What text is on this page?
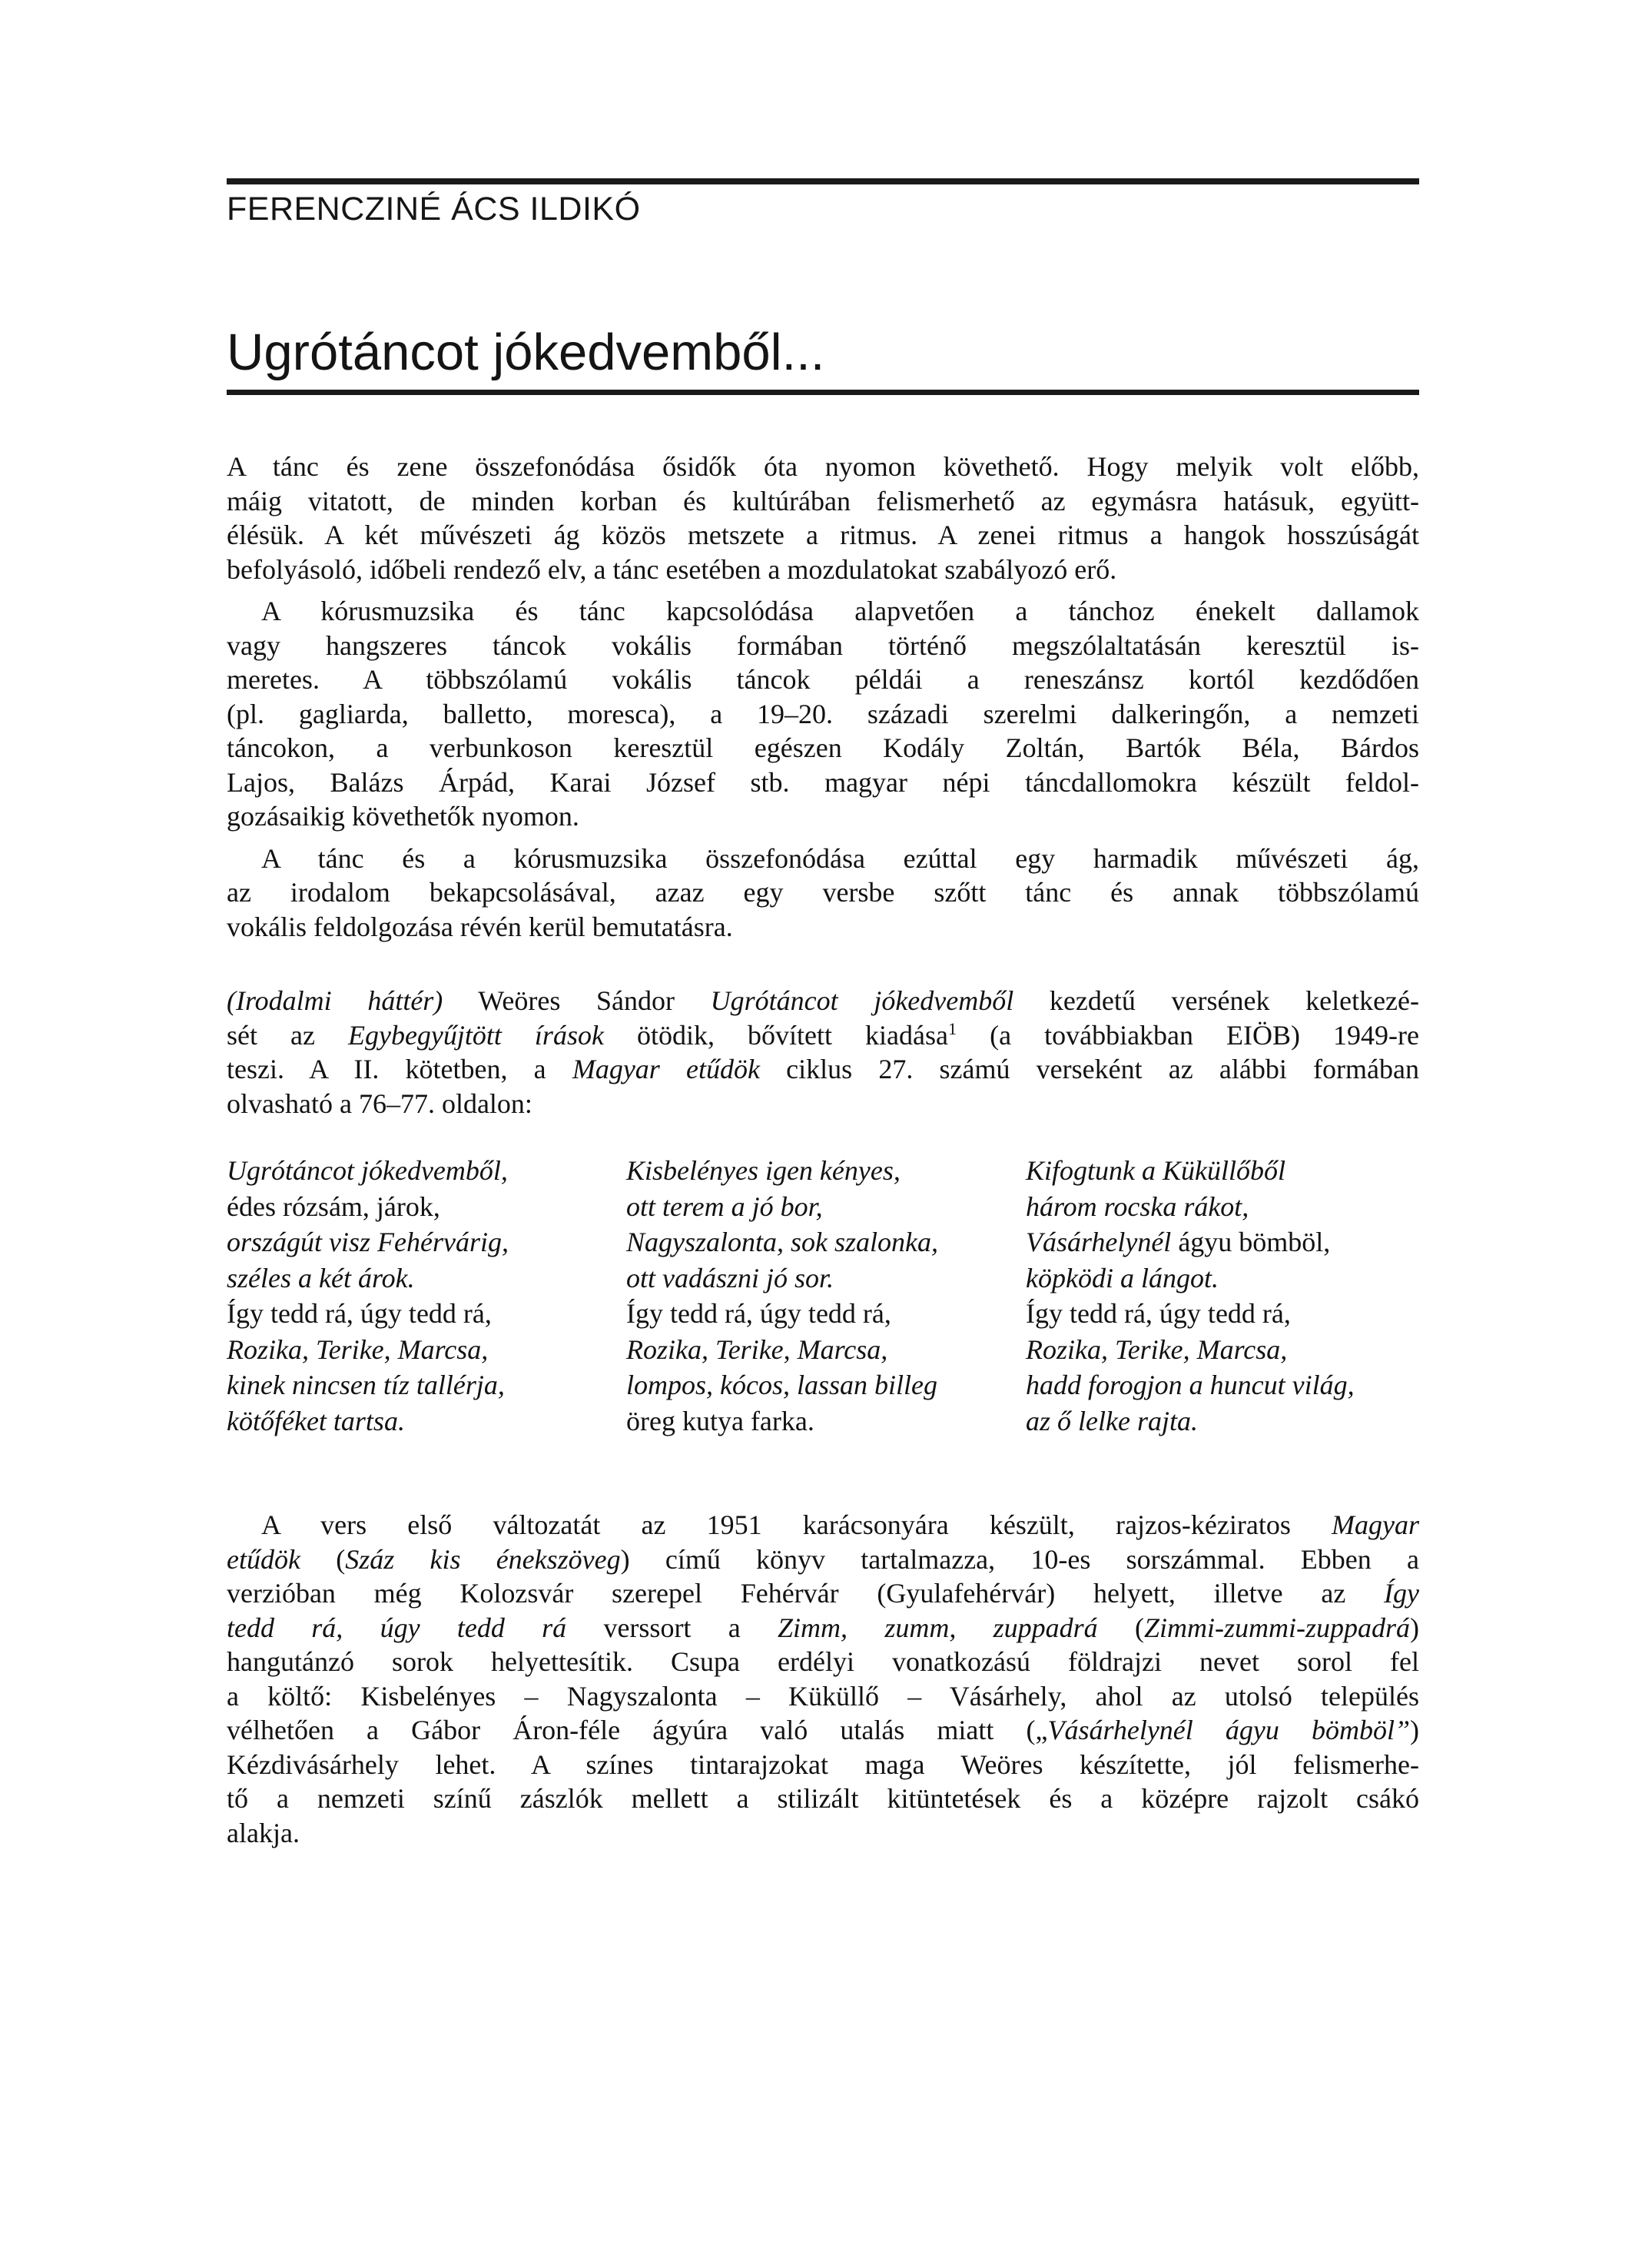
FERENCZINÉ ÁCS ILDIKÓ
Ugrótáncot jókedvemből...
A tánc és zene összefonódása ősidők óta nyomon követhető. Hogy melyik volt előbb,
máig vitatott, de minden korban és kultúrában felismerhető az egymásra hatásuk, együtt-
élésük. A két művészeti ág közös metszete a ritmus. A zenei ritmus a hangok hosszúságát
befolyásoló, időbeli rendező elv, a tánc esetében a mozdulatokat szabályozó erő.
A kórusmuzsika és tánc kapcsolódása alapvetően a tánchoz énekelt dallamok
vagy hangszeres táncok vokális formában történő megszólaltatásán keresztül is-
meretes. A többszólamú vokális táncok példái a reneszánsz kortól kezdődően
(pl. gagliarda, balletto, moresca), a 19–20. századi szerelmi dalkeringőn, a nemzeti
táncokon, a verbunkoson keresztül egészen Kodály Zoltán, Bartók Béla, Bárdos
Lajos, Balázs Árpád, Karai József stb. magyar népi táncdallomokra készült feldol-
gozásaikig követhetők nyomon.
A tánc és a kórusmuzsika összefonódása ezúttal egy harmadik művészeti ág,
az irodalom bekapcsolásával, azaz egy versbe szőtt tánc és annak többszólamú
vokális feldolgozása révén kerül bemutatásra.
(Irodalmi háttér) Weöres Sándor Ugrótáncot jókedvemből kezdetű versének keletkezé-
sét az Egybegyűjtött írások ötödik, bővített kiadása$^1$ (a továbbiakban EIÖB) 1949-re
teszi. A II. kötetben, a Magyar etűdök ciklus 27. számú verseként az alábbi formában
olvasható a 76–77. oldalon:
Ugrótáncot jókedvemből,
édes rózsám, járok,
országút visz Fehérvárig,
széles a két árok.
Így tedd rá, úgy tedd rá,
Rozika, Terike, Marcsa,
kinek nincsen tíz tallérja,
kötőféket tartsa.
Kisbelényes igen kényes,
ott terem a jó bor,
Nagyszalonta, sok szalonka,
ott vadászni jó sor.
Így tedd rá, úgy tedd rá,
Rozika, Terike, Marcsa,
lompos, kócos, lassan billeg
öreg kutya farka.
Kifogtunk a Küküllőből
három rocska rákot,
Vásárhelynél ágyu bömböl,
köpködi a lángot.
Így tedd rá, úgy tedd rá,
Rozika, Terike, Marcsa,
hadd forogjon a huncut világ,
az ő lelke rajta.
A vers első változatát az 1951 karácsonyára készült, rajzos-kéziratos Magyar
etűdök (Száz kis énekszöveg) című könyv tartalmazza, 10-es sorszámmal. Ebben a
verzióban még Kolozsvár szerepel Fehérvár (Gyulafehérvár) helyett, illetve az Így
tedd rá, úgy tedd rá verssort a Zimm, zumm, zuppadrá (Zimmi-zummi-zuppadrá)
hangutánzó sorok helyettesítik. Csupa erdélyi vonatkozású földrajzi nevet sorol fel
a költő: Kisbelényes – Nagyszalonta – Küküllő – Vásárhely, ahol az utolsó település
vélhetően a Gábor Áron-féle ágyúra való utalás miatt („Vásárhelynél ágyu bömböl”)
Kézdivásárhely lehet. A színes tintarajzokat maga Weöres készítette, jól felismerhe-
tő a nemzeti színű zászlók mellett a stilizált kitüntetések és a középre rajzolt csákó
alakja.
